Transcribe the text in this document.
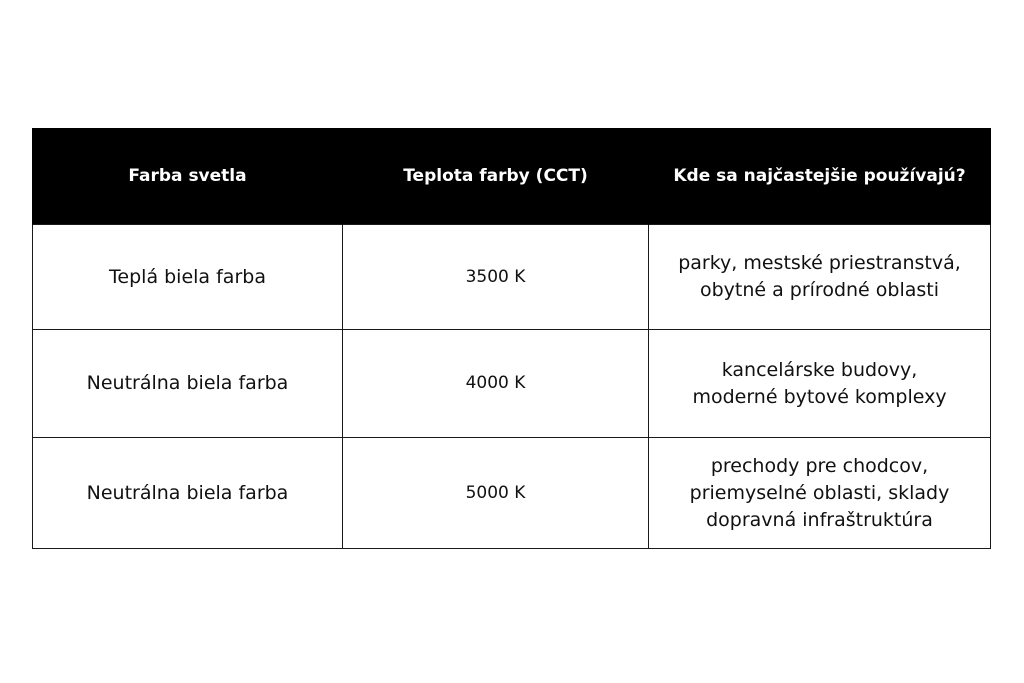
Farba svetla	Teplota farby (CCT)	Kde sa najčastejšie používajú?
Teplá biela farba	3500 K	parky, mestské priestranstvá,
obytné a prírodné oblasti

Neutrálna biela farba	4000 K	kancelárske budovy,
moderné bytové komplexy

Neutrálna biela farba	5000 K	prechody pre chodcov,
priemyselné oblasti, sklady
dopravná infraštruktúra
